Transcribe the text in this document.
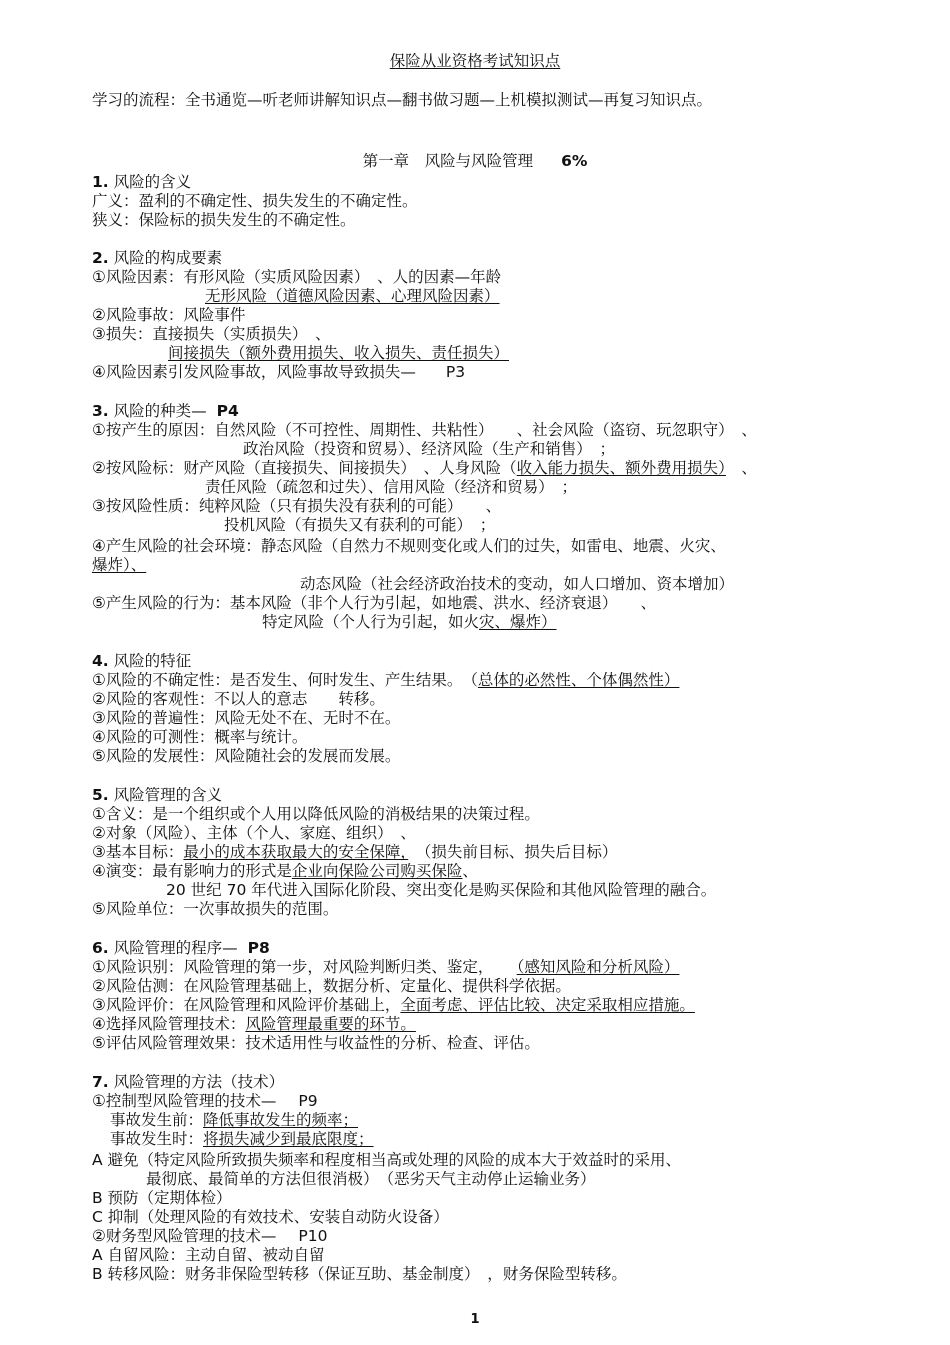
保险从业资格考试知识点
学习的流程：全书通览—听老师讲解知识点—翻书做习题—上机模拟测试—再复习知识点。
第一章　风险与风险管理 6%
1. 风险的含义
广义：盈利的不确定性、损失发生的不确定性。
狭义：保险标的损失发生的不确定性。
2. 风险的构成要素
①风险因素：有形风险（实质风险因素）　、人的因素—年龄
无形风险（道德风险因素、心理风险因素）
②风险事故：风险事件
③损失：直接损失（实质损失）　、
间接损失（额外费用损失、收入损失、责任损失）
④风险因素引发风险事故，风险事故导致损失— P3
3. 风险的种类— P4
①按产生的原因：自然风险（不可控性、周期性、共粘性）　　、社会风险（盗窃、玩忽职守）　、
政治风险（投资和贸易）、经济风险（生产和销售）　；
②按风险标：财产风险（直接损失、间接损失）　、人身风险（收入能力损失、额外费用损失）　、
责任风险（疏忽和过失）、信用风险（经济和贸易）　；
③按风险性质：纯粹风险（只有损失没有获利的可能）　　、
投机风险（有损失又有获利的可能）　；
④产生风险的社会环境：静态风险（自然力不规则变化或人们的过失，如雷电、地震、火灾、
爆炸）、
动态风险（社会经济政治技术的变动，如人口增加、资本增加）
⑤产生风险的行为：基本风险（非个人行为引起，如地震、洪水、经济衰退）　　、
特定风险（个人行为引起，如火灾、爆炸）
4. 风险的特征
①风险的不确定性：是否发生、何时发生、产生结果。　（总体的必然性、个体偶然性）
②风险的客观性：不以人的意志　　转移。
③风险的普遍性：风险无处不在、无时不在。
④风险的可测性：概率与统计。
⑤风险的发展性：风险随社会的发展而发展。
5. 风险管理的含义
①含义：是一个组织或个人用以降低风险的消极结果的决策过程。
②对象（风险）、主体（个人、家庭、组织）　、
③基本目标：最小的成本获取最大的安全保障，　（损失前目标、损失后目标）
④演变：最有影响力的形式是企业向保险公司购买保险、
20 世纪 70 年代进入国际化阶段、突出变化是购买保险和其他风险管理的融合。
⑤风险单位：一次事故损失的范围。
6. 风险管理的程序— P8
①风险识别：风险管理的第一步，对风险判断归类、鉴定，　　（感知风险和分析风险）
②风险估测：在风险管理基础上，数据分析、定量化、提供科学依据。
③风险评价：在风险管理和风险评价基础上，全面考虑、评估比较、决定采取相应措施。
④选择风险管理技术：风险管理最重要的环节。
⑤评估风险管理效果：技术适用性与收益性的分析、检查、评估。
7. 风险管理的方法（技术）
①控制型风险管理的技术— P9
事故发生前：降低事故发生的频率；
事故发生时：将损失减少到最底限度；
A 避免（特定风险所致损失频率和程度相当高或处理的风险的成本大于效益时的采用、
最彻底、最简单的方法但很消极）　（恶劣天气主动停止运输业务）
B 预防（定期体检）
C 抑制（处理风险的有效技术、安装自动防火设备）
②财务型风险管理的技术— P10
A 自留风险：主动自留、被动自留
B 转移风险：财务非保险型转移（保证互助、基金制度）　，财务保险型转移。
1
